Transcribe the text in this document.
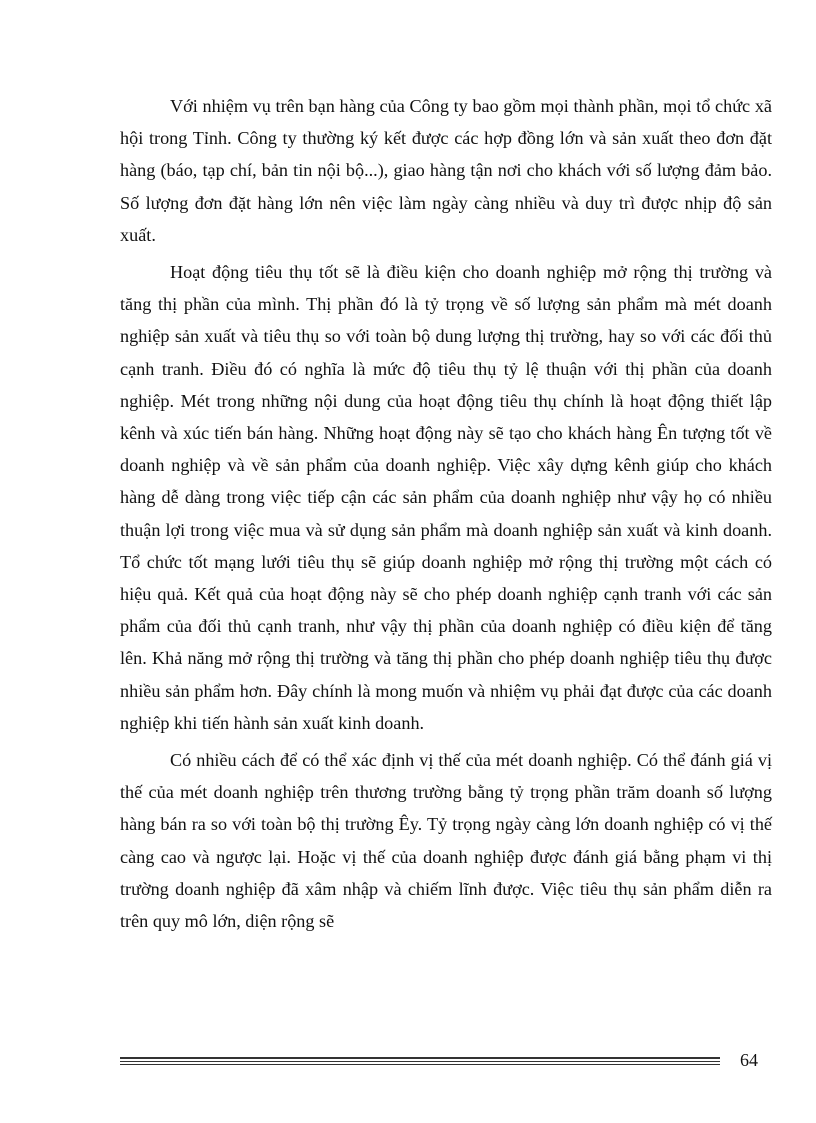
Với nhiệm vụ trên bạn hàng của Công ty bao gồm mọi thành phần, mọi tổ chức xã hội trong Tỉnh. Công ty thường ký kết được các hợp đồng lớn và sản xuất theo đơn đặt hàng (báo, tạp chí, bản tin nội bộ...), giao hàng tận nơi cho khách với số lượng đảm bảo. Số lượng đơn đặt hàng lớn nên việc làm ngày càng nhiều và duy trì được nhịp độ sản xuất.

Hoạt động tiêu thụ tốt sẽ là điều kiện cho doanh nghiệp mở rộng thị trường và tăng thị phần của mình. Thị phần đó là tỷ trọng về số lượng sản phẩm mà mét doanh nghiệp sản xuất và tiêu thụ so với toàn bộ dung lượng thị trường, hay so với các đối thủ cạnh tranh. Điều đó có nghĩa là mức độ tiêu thụ tỷ lệ thuận với thị phần của doanh nghiệp. Mét trong những nội dung của hoạt động tiêu thụ chính là hoạt động thiết lập kênh và xúc tiến bán hàng. Những hoạt động này sẽ tạo cho khách hàng Ên tượng tốt về doanh nghiệp và về sản phẩm của doanh nghiệp. Việc xây dựng kênh giúp cho khách hàng dễ dàng trong việc tiếp cận các sản phẩm của doanh nghiệp như vậy họ có nhiều thuận lợi trong việc mua và sử dụng sản phẩm mà doanh nghiệp sản xuất và kinh doanh. Tổ chức tốt mạng lưới tiêu thụ sẽ giúp doanh nghiệp mở rộng thị trường một cách có hiệu quả. Kết quả của hoạt động này sẽ cho phép doanh nghiệp cạnh tranh với các sản phẩm của đối thủ cạnh tranh, như vậy thị phần của doanh nghiệp có điều kiện để tăng lên. Khả năng mở rộng thị trường và tăng thị phần cho phép doanh nghiệp tiêu thụ được nhiều sản phẩm hơn. Đây chính là mong muốn và nhiệm vụ phải đạt được của các doanh nghiệp khi tiến hành sản xuất kinh doanh.

Có nhiều cách để có thể xác định vị thế của mét doanh nghiệp. Có thể đánh giá vị thế của mét doanh nghiệp trên thương trường bằng tỷ trọng phần trăm doanh số lượng hàng bán ra so với toàn bộ thị trường Êy. Tỷ trọng ngày càng lớn doanh nghiệp có vị thế càng cao và ngược lại. Hoặc vị thế của doanh nghiệp được đánh giá bằng phạm vi thị trường doanh nghiệp đã xâm nhập và chiếm lĩnh được. Việc tiêu thụ sản phẩm diễn ra trên quy mô lớn, diện rộng sẽ

64
